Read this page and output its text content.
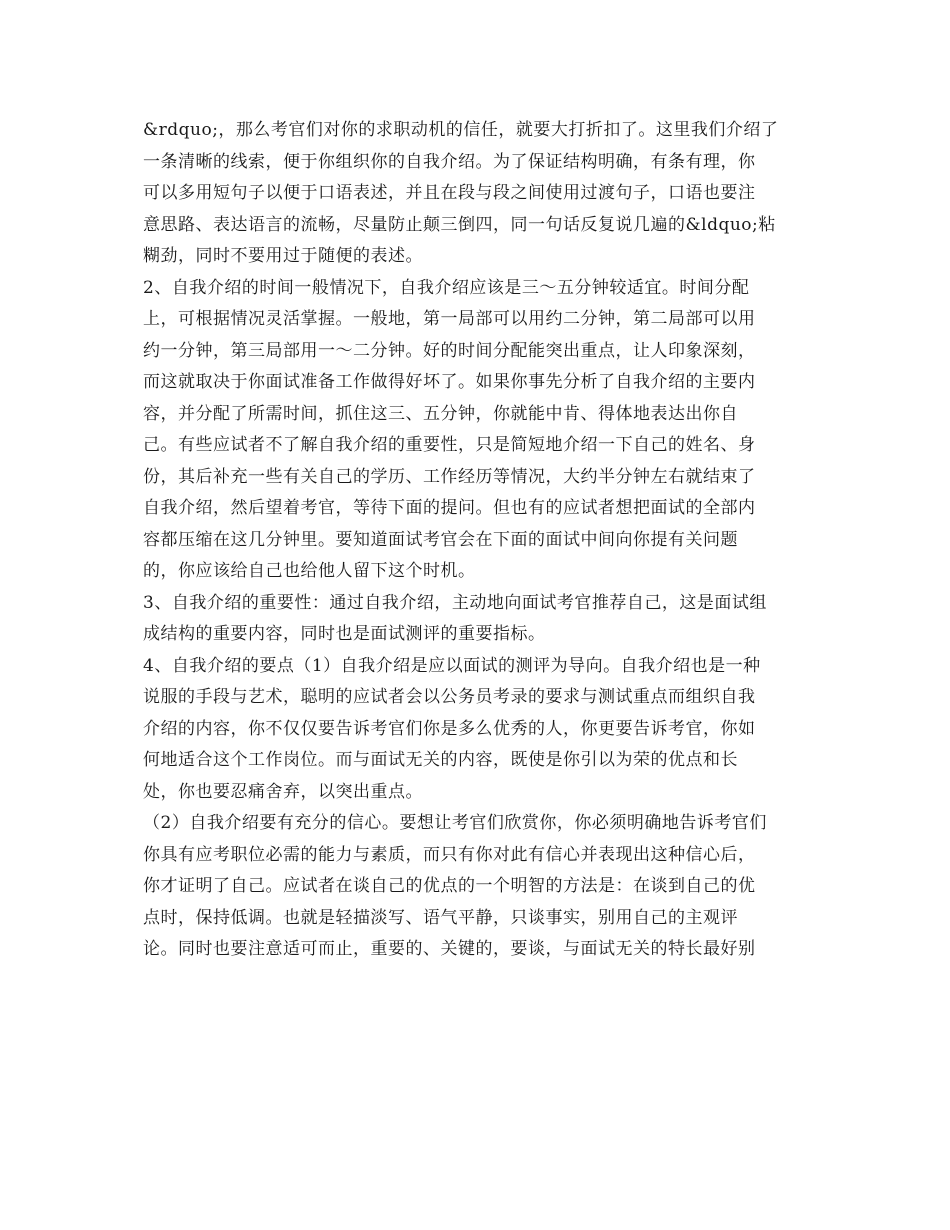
&rdquo;，那么考官们对你的求职动机的信任，就要大打折扣了。这里我们介绍了
一条清晰的线索，便于你组织你的自我介绍。为了保证结构明确，有条有理，你
可以多用短句子以便于口语表述，并且在段与段之间使用过渡句子，口语也要注
意思路、表达语言的流畅，尽量防止颠三倒四，同一句话反复说几遍的&ldquo;粘
糊劲，同时不要用过于随便的表述。
2、自我介绍的时间一般情况下，自我介绍应该是三～五分钟较适宜。时间分配
上，可根据情况灵活掌握。一般地，第一局部可以用约二分钟，第二局部可以用
约一分钟，第三局部用一～二分钟。好的时间分配能突出重点，让人印象深刻，
而这就取决于你面试准备工作做得好坏了。如果你事先分析了自我介绍的主要内
容，并分配了所需时间，抓住这三、五分钟，你就能中肯、得体地表达出你自
己。有些应试者不了解自我介绍的重要性，只是简短地介绍一下自己的姓名、身
份，其后补充一些有关自己的学历、工作经历等情况，大约半分钟左右就结束了
自我介绍，然后望着考官，等待下面的提问。但也有的应试者想把面试的全部内
容都压缩在这几分钟里。要知道面试考官会在下面的面试中间向你提有关问题
的，你应该给自己也给他人留下这个时机。
3、自我介绍的重要性：通过自我介绍，主动地向面试考官推荐自己，这是面试组
成结构的重要内容，同时也是面试测评的重要指标。
4、自我介绍的要点（1）自我介绍是应以面试的测评为导向。自我介绍也是一种
说服的手段与艺术，聪明的应试者会以公务员考录的要求与测试重点而组织自我
介绍的内容，你不仅仅要告诉考官们你是多么优秀的人，你更要告诉考官，你如
何地适合这个工作岗位。而与面试无关的内容，既使是你引以为荣的优点和长
处，你也要忍痛舍弃，以突出重点。
（2）自我介绍要有充分的信心。要想让考官们欣赏你，你必须明确地告诉考官们
你具有应考职位必需的能力与素质，而只有你对此有信心并表现出这种信心后，
你才证明了自己。应试者在谈自己的优点的一个明智的方法是：在谈到自己的优
点时，保持低调。也就是轻描淡写、语气平静，只谈事实，别用自己的主观评
论。同时也要注意适可而止，重要的、关键的，要谈，与面试无关的特长最好别
